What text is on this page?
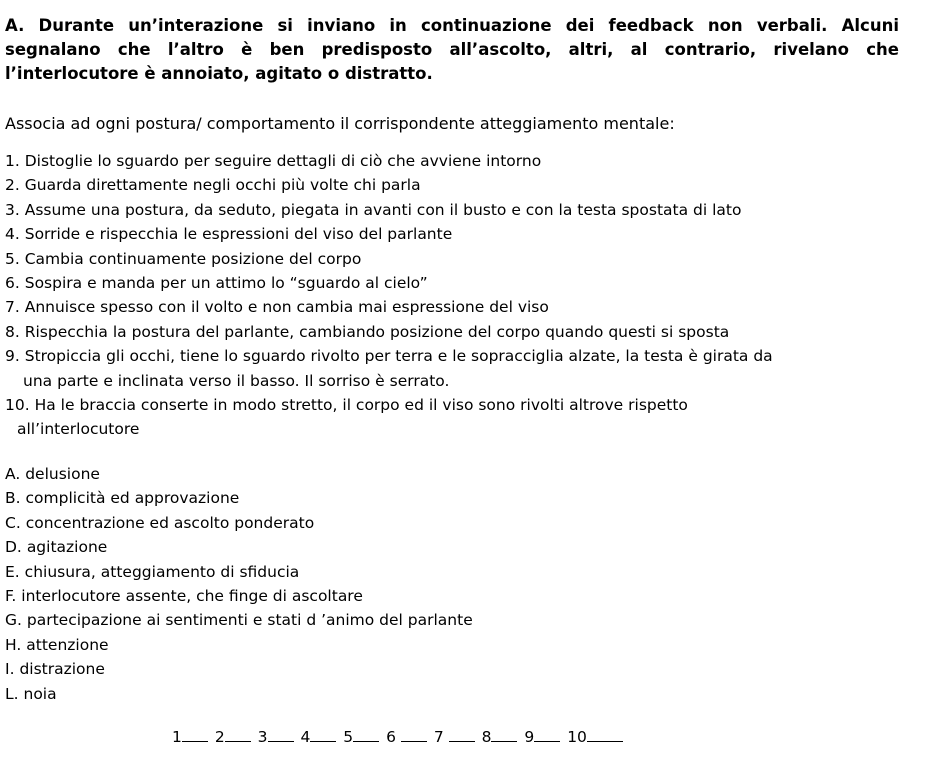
A. Durante un’interazione si inviano in continuazione dei feedback non verbali. Alcuni segnalano che l’altro è ben predisposto all’ascolto, altri, al contrario, rivelano che l’interlocutore è annoiato, agitato o distratto.
Associa ad ogni postura/ comportamento il corrispondente atteggiamento mentale:
1. Distoglie lo sguardo per seguire dettagli di ciò che avviene intorno
2. Guarda direttamente negli occhi più volte chi parla
3. Assume una postura, da seduto, piegata in avanti con il busto e con la testa spostata di lato
4. Sorride e rispecchia le espressioni del viso del parlante
5. Cambia continuamente posizione del corpo
6. Sospira e manda per un attimo lo “sguardo al cielo”
7. Annuisce spesso con il volto e non cambia mai espressione del viso
8. Rispecchia la postura del parlante, cambiando posizione del corpo quando questi si sposta
9. Stropiccia gli occhi, tiene lo sguardo rivolto per terra e le sopracciglia alzate, la testa è girata da
una parte e inclinata verso il basso. Il sorriso è serrato.
10. Ha le braccia conserte in modo stretto, il corpo ed il viso sono rivolti altrove rispetto
all’interlocutore
A. delusione
B. complicità ed approvazione
C. concentrazione ed ascolto ponderato
D. agitazione
E. chiusura, atteggiamento di sfiducia
F. interlocutore assente, che finge di ascoltare
G. partecipazione ai sentimenti e stati d ’animo del parlante
H. attenzione
I. distrazione
L. noia
1 2 3 4 5 6 7 8 9 10
